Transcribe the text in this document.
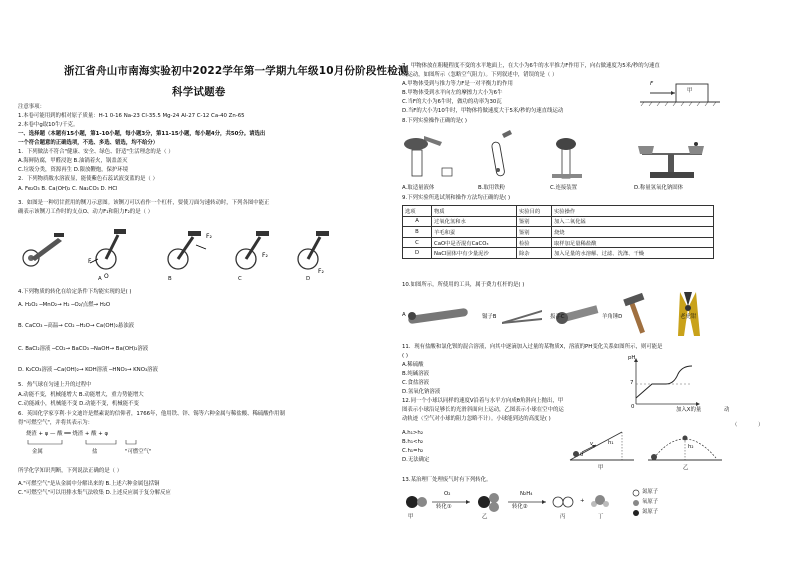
浙江省舟山市南海实验初中2022学年第一学期九年级10月份阶段性检测
科学试题卷
注意事项：
1.本卷可能用到的相对原子质量：H-1 0-16 Na-23 Cl-35.5 Mg-24 Al-27 C-12 Ca-40 Zn-65
2.本卷中g取10牛/千克。
一、选择题（本题有15小题，第1-10小题，每小题3分，第11-15小题，每小题4分，共50分。请选出
一个符合题意的正确选项，不选、多选、错选，均不给分）
1．下列做法不符合"健康、安全、绿色、舒适"生活理念的是（ ）
A.海鲜防腐，甲醛浸泡 B.油锅着火，锅盖盖灭
C.垃圾分类，资源再生 D.限放鞭炮，保护环境
2．下列物质敞水溶液显，能使紫色石蕊试液变蓝的是（ ）
A. Fe₂O₃ B. Ca(OH)₂ C. Na₂CO₃ D. HCl
3．如图是一种切甘蔗用的铡刀示意图。该铡刀可以看作一个杠杆，要使刀面匀速转动时，下列各图中能正
确表示该铡刀工作时的支点O、动力F₁和阻力F₂的是（ ）
F
O
F₂
F₂
F₂
A	B	C	D
4.下列物质的转化在给定条件下均能实现的是( )
A. H₂O₂ ─MnO₂→ H₂ ─O₂/点燃→ H₂O
B. CaCO₃ ─高温→ CO₂ ─H₂O→ Ca(OH)₂悬浊液
C. BaCl₂溶液 ─CO₂→ BaCO₃ ─NaOH→ Ba(OH)₂溶液
D. K₂CO₃溶液 ─Ca(OH)₂→ KOH溶液 ─HNO₃→ KNO₃溶液
5．热气球在匀速上升的过程中
A.动能不变，机械能增大 B.动能增大，重力势能增大
C.动能减小，机械能不变 D.动能不变，机械能不变
6．英国化学家亨利·卡文迪许是燃素说的信仰者，1766年，他用铁、锌、锡等六种金属与稀盐酸、稀硫酸作用制
得"可燃空气"，并将其表示为：
烧渣 + φ — 酸 ══ 烧渣 + 酸 + φ
金属	盐	"可燃空气"
所学化学知识判断，下列说法正确的是（ ）
A."可燃空气"是从金属中分解出来的 B.上述六种金属包括铜
C."可燃空气"可以用排水集气法收集 D.上述反应属于复分解反应
7．甲物体放在粗糙程度不变的水平地面上，在大小为6牛的水平推力F作用下，向右做速度为5米/秒的匀速直
线运动，如图所示（忽略空气阻力）。下列叙述中，错误的是（ ）
A.甲物体受到与推力等力F是一对平衡力的作用
B.甲物体受到水平向左的摩擦力大小为6牛
C.当F的大小为6牛时，做功的功率为30瓦
D.当F的大小为10牛时，甲物体将做速度大于5米/秒的匀速直线运动
F
甲
8.下列实验操作正确的是( )
A.取适量液体	B.取用铁粉	C.连接装置	D.称量氢氧化钠固体
9.下列实验所选试剂和操作方法均正确的是( )
选项	物质	实验目的	实验操作
A	过氧化氢和水	鉴别	加入二氧化锰
B	羊毛和蚕	鉴别	烧烧
C	CaO中是否混有CaCO₃	检验	取样加足量稀盐酸
D	NaCl固体中有少量泥沙	除杂	加入足量的水溶解、过滤、洗涤、干燥
10.如图所示，所使用的工具，属于费力杠杆的是( )
A	镊子B	扳手C	羊角锤D	老虎钳
11．现有盐酸和氯化钡的混合溶液，向其中逐滴加入过量的某物质X，溶液的PH变化关系如图所示，则可能是
( )
A.稀硫酸
B.纯碱溶液
C.食盐溶液
D.氢氧化钠溶液
pH
7
0	加入X的量
12.同一个小球以同样的速度V沿着与水平方向成θ角斜向上抛出，甲
图表示小球沿足够长的光滑斜面向上运动，乙图表示小球在空中的运
动轨迹（空气对小球的阻力忽略不计）。小球能到达的高度是( )
动
（	）
A.h₁>h₂
B.h₁<h₂
C.h₁=h₂
D.无法确定
h₁
h₂
v
θ
甲	乙
13.某治理厂处理废气时有下列转化。
O₂
转化①
N₂H₄
转化②
+
甲	乙	丙	丁
氮原子
氧原子
氮原子
